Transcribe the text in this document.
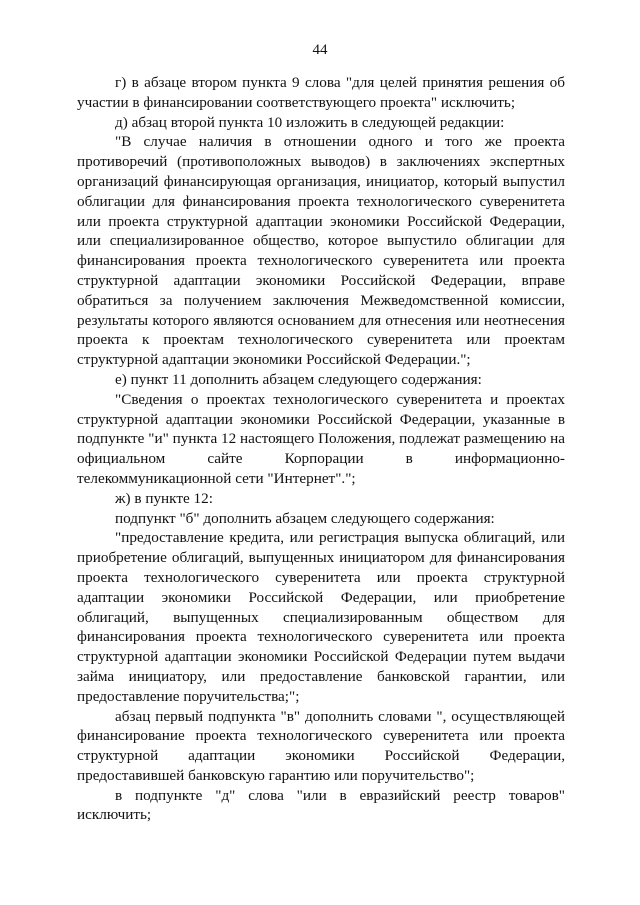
44

г) в абзаце втором пункта 9 слова "для целей принятия решения об участии в финансировании соответствующего проекта" исключить;

д) абзац второй пункта 10 изложить в следующей редакции:

"В случае наличия в отношении одного и того же проекта противоречий (противоположных выводов) в заключениях экспертных организаций финансирующая организация, инициатор, который выпустил облигации для финансирования проекта технологического суверенитета или проекта структурной адаптации экономики Российской Федерации, или специализированное общество, которое выпустило облигации для финансирования проекта технологического суверенитета или проекта структурной адаптации экономики Российской Федерации, вправе обратиться за получением заключения Межведомственной комиссии, результаты которого являются основанием для отнесения или неотнесения проекта к проектам технологического суверенитета или проектам структурной адаптации экономики Российской Федерации.";

е) пункт 11 дополнить абзацем следующего содержания:

"Сведения о проектах технологического суверенитета и проектах структурной адаптации экономики Российской Федерации, указанные в подпункте "и" пункта 12 настоящего Положения, подлежат размещению на официальном сайте Корпорации в информационно-телекоммуникационной сети "Интернет".";

ж) в пункте 12:

подпункт "б" дополнить абзацем следующего содержания:

"предоставление кредита, или регистрация выпуска облигаций, или приобретение облигаций, выпущенных инициатором для финансирования проекта технологического суверенитета или проекта структурной адаптации экономики Российской Федерации, или приобретение облигаций, выпущенных специализированным обществом для финансирования проекта технологического суверенитета или проекта структурной адаптации экономики Российской Федерации путем выдачи займа инициатору, или предоставление банковской гарантии, или предоставление поручительства;";

абзац первый подпункта "в" дополнить словами ", осуществляющей финансирование проекта технологического суверенитета или проекта структурной адаптации экономики Российской Федерации, предоставившей банковскую гарантию или поручительство";

в подпункте "д" слова "или в евразийский реестр товаров" исключить;
